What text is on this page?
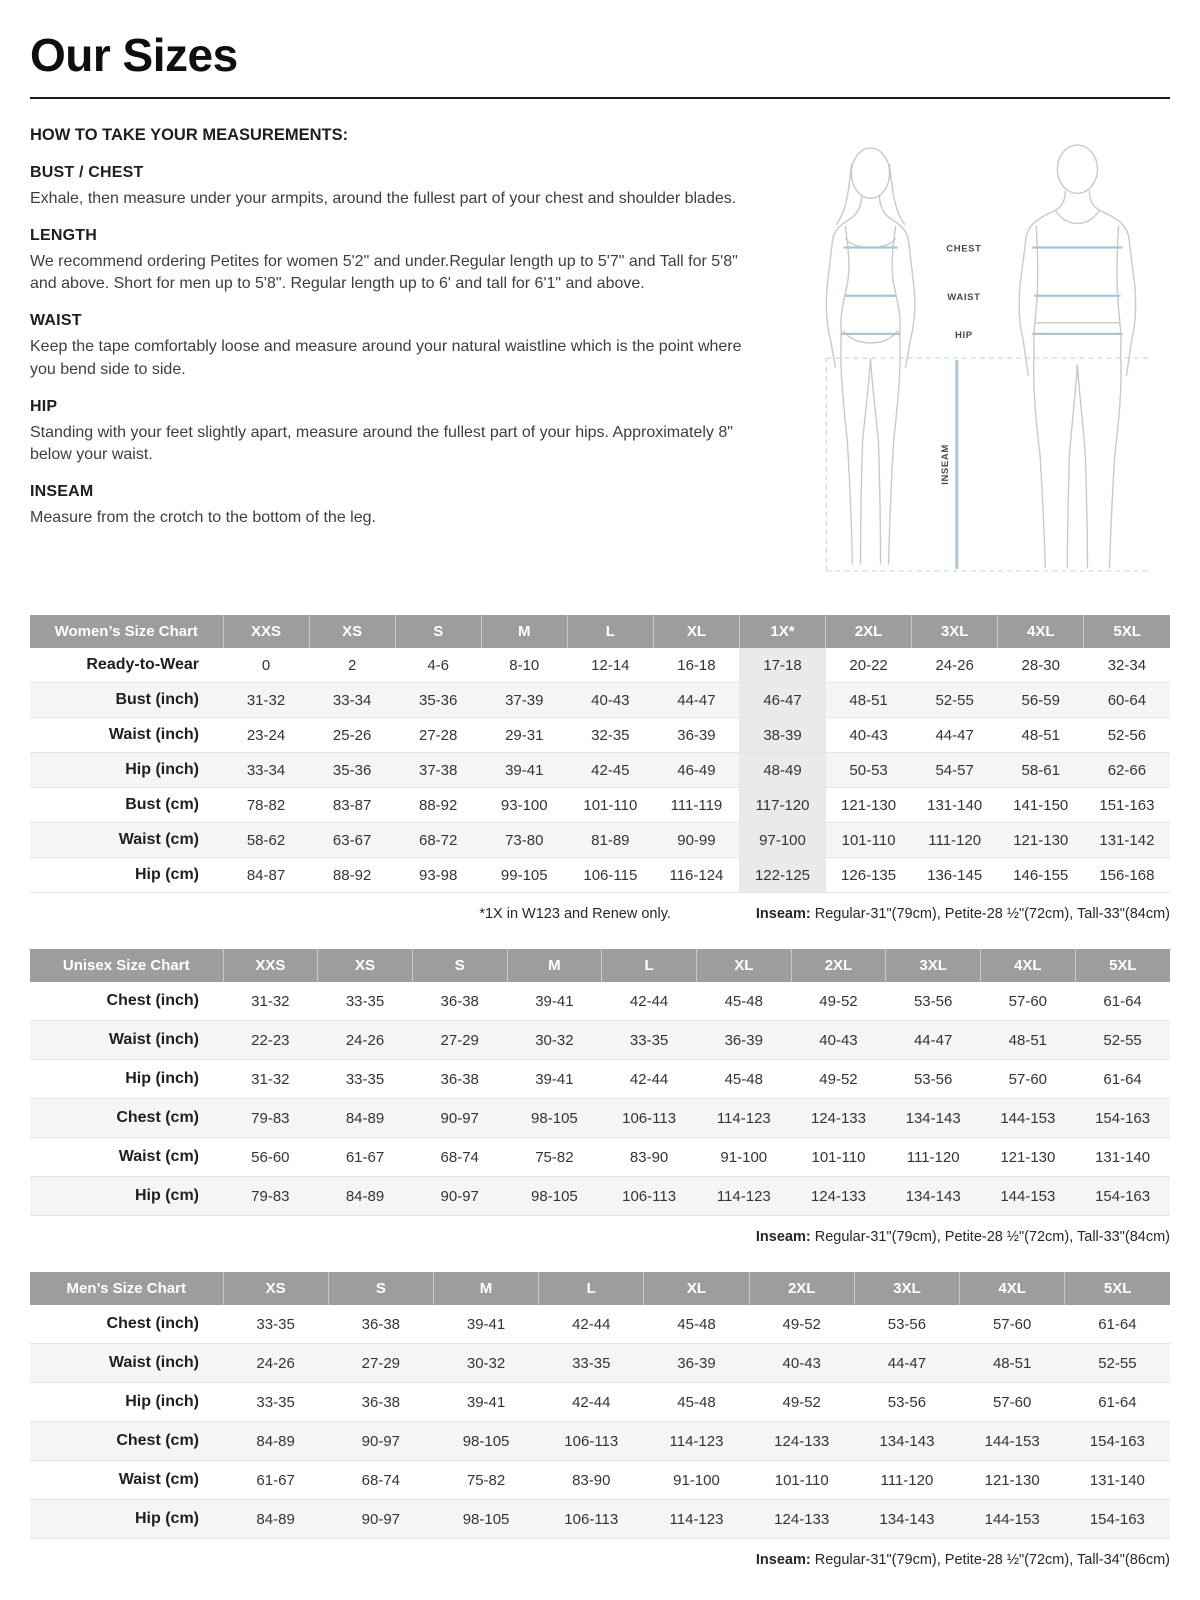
Our Sizes
HOW TO TAKE YOUR MEASUREMENTS:
BUST / CHEST

Exhale, then measure under your armpits, around the fullest part of your chest and shoulder blades.

LENGTH

We recommend ordering Petites for women 5'2" and under.Regular length up to 5'7" and Tall for 5'8" and above. Short for men up to 5'8". Regular length up to 6' and tall for 6'1" and above.

WAIST

Keep the tape comfortably loose and measure around your natural waistline which is the point where you bend side to side.

HIP

Standing with your feet slightly apart, measure around the fullest part of your hips. Approximately 8" below your waist.

INSEAM

Measure from the crotch to the bottom of the leg.

CHEST
WAIST
HIP
INSEAM
Women’s Size Chart	XXS	XS	S	M	L	XL	1X*	2XL	3XL	4XL	5XL
Ready-to-Wear	0	2	4-6	8-10	12-14	16-18	17-18	20-22	24-26	28-30	32-34
Bust (inch)	31-32	33-34	35-36	37-39	40-43	44-47	46-47	48-51	52-55	56-59	60-64
Waist (inch)	23-24	25-26	27-28	29-31	32-35	36-39	38-39	40-43	44-47	48-51	52-56
Hip (inch)	33-34	35-36	37-38	39-41	42-45	46-49	48-49	50-53	54-57	58-61	62-66
Bust (cm)	78-82	83-87	88-92	93-100	101-110	111-119	117-120	121-130	131-140	141-150	151-163
Waist (cm)	58-62	63-67	68-72	73-80	81-89	90-99	97-100	101-110	111-120	121-130	131-142
Hip (cm)	84-87	88-92	93-98	99-105	106-115	116-124	122-125	126-135	136-145	146-155	156-168
*1X in W123 and Renew only.	Inseam: Regular-31"(79cm), Petite-28 ½"(72cm), Tall-33"(84cm)
Unisex Size Chart	XXS	XS	S	M	L	XL	2XL	3XL	4XL	5XL
Chest (inch)	31-32	33-35	36-38	39-41	42-44	45-48	49-52	53-56	57-60	61-64
Waist (inch)	22-23	24-26	27-29	30-32	33-35	36-39	40-43	44-47	48-51	52-55
Hip (inch)	31-32	33-35	36-38	39-41	42-44	45-48	49-52	53-56	57-60	61-64
Chest (cm)	79-83	84-89	90-97	98-105	106-113	114-123	124-133	134-143	144-153	154-163
Waist (cm)	56-60	61-67	68-74	75-82	83-90	91-100	101-110	111-120	121-130	131-140
Hip (cm)	79-83	84-89	90-97	98-105	106-113	114-123	124-133	134-143	144-153	154-163
Inseam: Regular-31"(79cm), Petite-28 ½"(72cm), Tall-33"(84cm)
Men’s Size Chart	XS	S	M	L	XL	2XL	3XL	4XL	5XL
Chest (inch)	33-35	36-38	39-41	42-44	45-48	49-52	53-56	57-60	61-64
Waist (inch)	24-26	27-29	30-32	33-35	36-39	40-43	44-47	48-51	52-55
Hip (inch)	33-35	36-38	39-41	42-44	45-48	49-52	53-56	57-60	61-64
Chest (cm)	84-89	90-97	98-105	106-113	114-123	124-133	134-143	144-153	154-163
Waist (cm)	61-67	68-74	75-82	83-90	91-100	101-110	111-120	121-130	131-140
Hip (cm)	84-89	90-97	98-105	106-113	114-123	124-133	134-143	144-153	154-163
Inseam: Regular-31"(79cm), Petite-28 ½"(72cm), Tall-34"(86cm)
